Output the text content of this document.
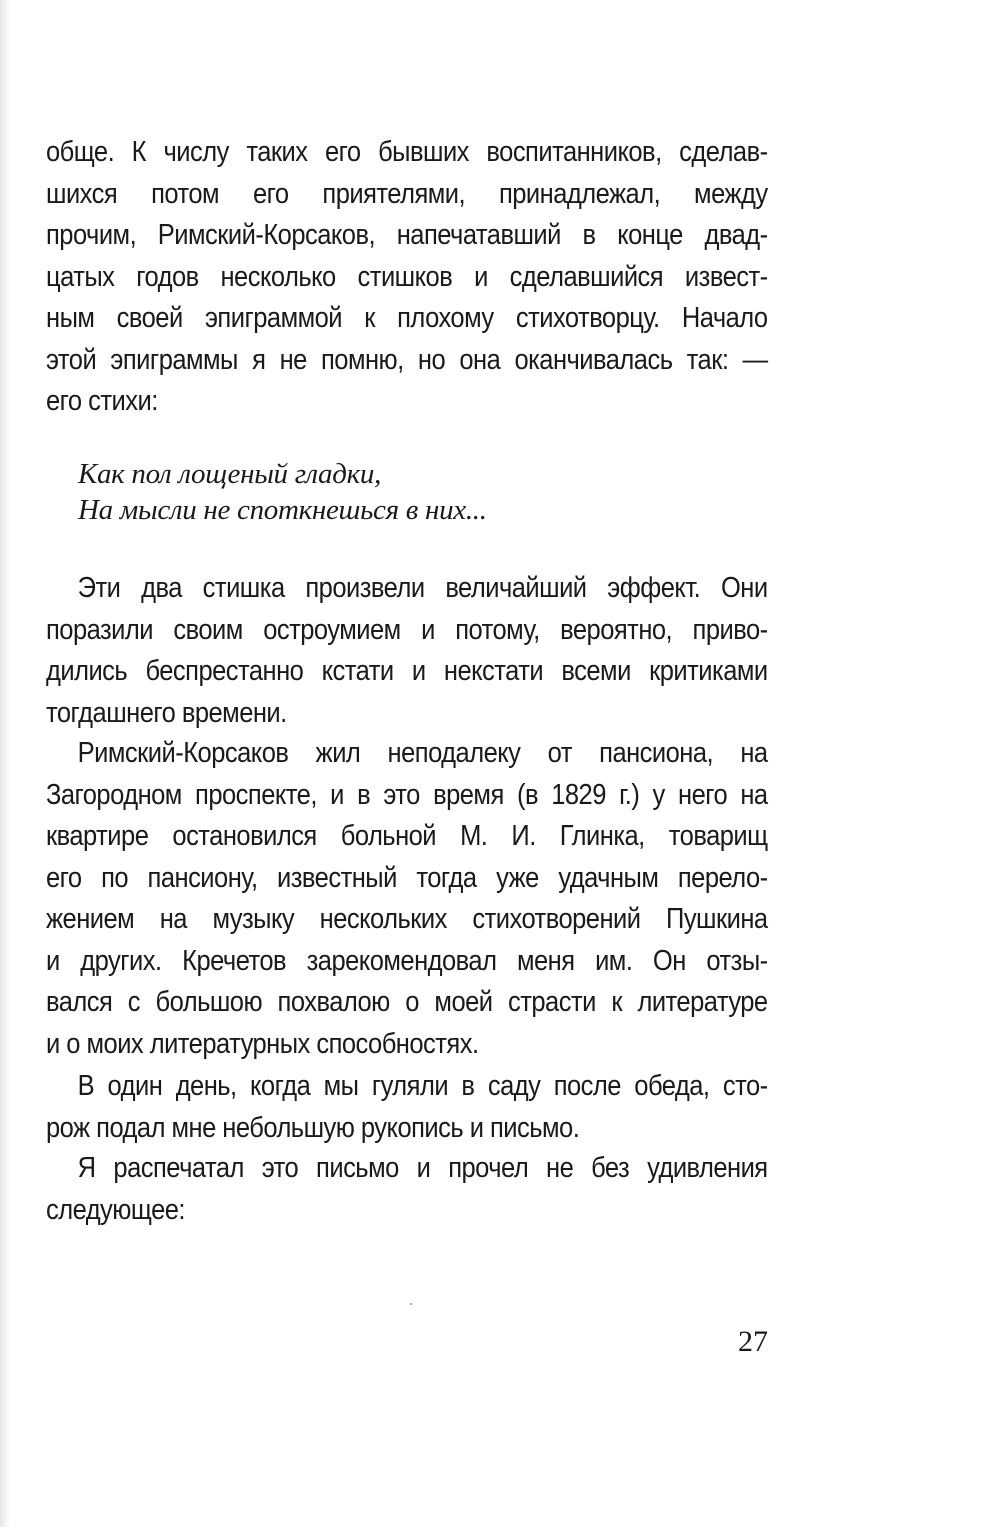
обще. К числу таких его бывших воспитанников, сделав-
шихся потом его приятелями, принадлежал, между
прочим, Римский-Корсаков, напечатавший в конце двад-
цатых годов несколько стишков и сделавшийся извест-
ным своей эпиграммой к плохому стихотворцу. Начало
этой эпиграммы я не помню, но она оканчивалась так: —
его стихи:
Как пол лощеный гладки,
На мысли не споткнешься в них...
Эти два стишка произвели величайший эффект. Они
поразили своим остроумием и потому, вероятно, приво-
дились беспрестанно кстати и некстати всеми критиками
тогдашнего времени.
Римский-Корсаков жил неподалеку от пансиона, на
Загородном проспекте, и в это время (в 1829 г.) у него на
квартире остановился больной М. И. Глинка, товарищ
его по пансиону, известный тогда уже удачным перело-
жением на музыку нескольких стихотворений Пушкина
и других. Кречетов зарекомендовал меня им. Он отзы-
вался с большою похвалою о моей страсти к литературе
и о моих литературных способностях.
В один день, когда мы гуляли в саду после обеда, сто-
рож подал мне небольшую рукопись и письмо.
Я распечатал это письмо и прочел не без удивления
следующее:
27
